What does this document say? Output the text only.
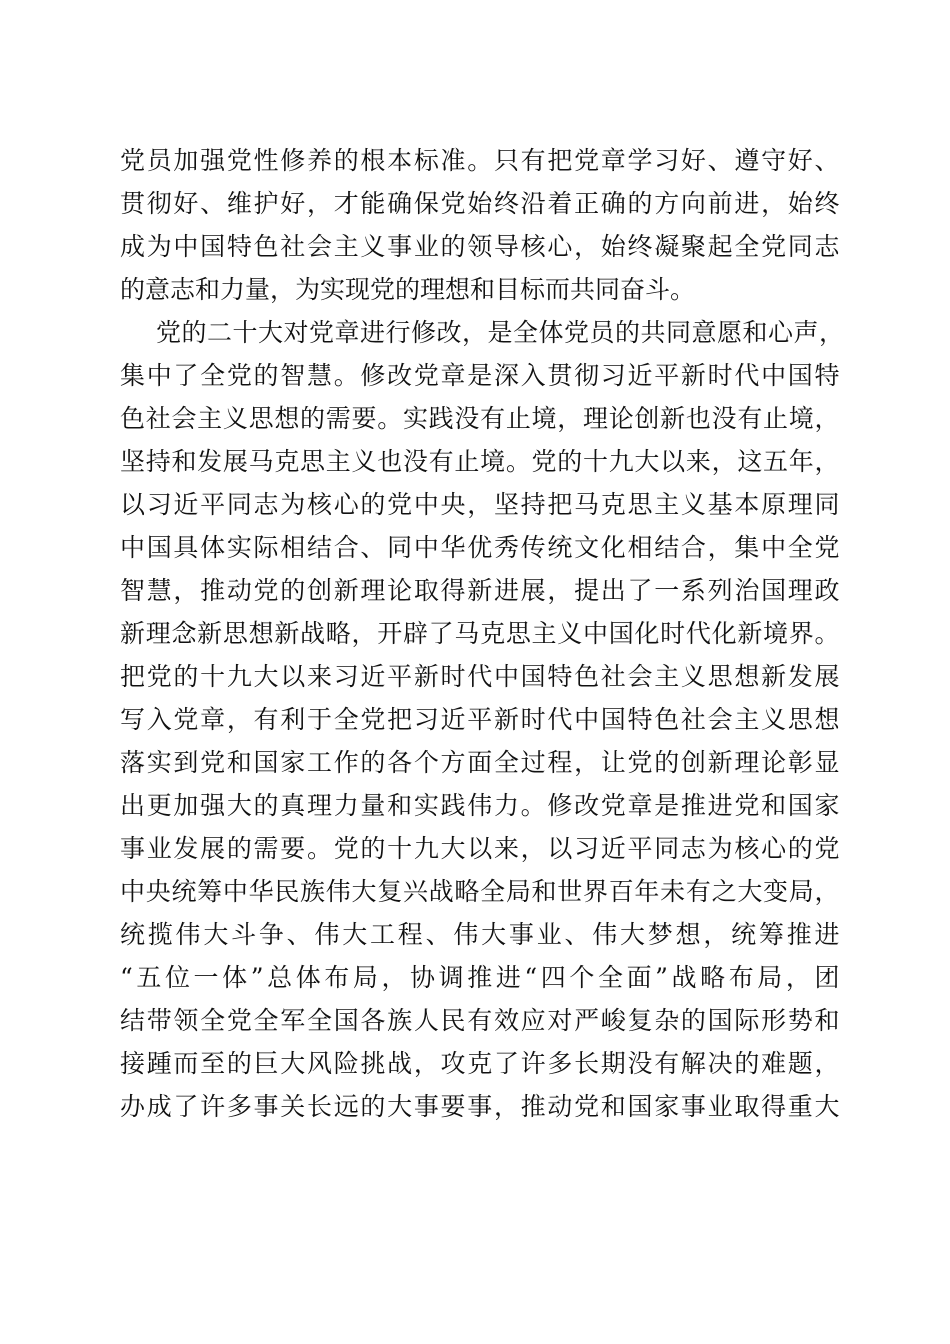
党员加强党性修养的根本标准。只有把党章学习好、遵守好、
贯彻好、维护好，才能确保党始终沿着正确的方向前进，始终
成为中国特色社会主义事业的领导核心，始终凝聚起全党同志
的意志和力量，为实现党的理想和目标而共同奋斗。
党的二十大对党章进行修改，是全体党员的共同意愿和心声，
集中了全党的智慧。修改党章是深入贯彻习近平新时代中国特
色社会主义思想的需要。实践没有止境，理论创新也没有止境，
坚持和发展马克思主义也没有止境。党的十九大以来，这五年，
以习近平同志为核心的党中央，坚持把马克思主义基本原理同
中国具体实际相结合、同中华优秀传统文化相结合，集中全党
智慧，推动党的创新理论取得新进展，提出了一系列治国理政
新理念新思想新战略，开辟了马克思主义中国化时代化新境界。
把党的十九大以来习近平新时代中国特色社会主义思想新发展
写入党章，有利于全党把习近平新时代中国特色社会主义思想
落实到党和国家工作的各个方面全过程，让党的创新理论彰显
出更加强大的真理力量和实践伟力。修改党章是推进党和国家
事业发展的需要。党的十九大以来，以习近平同志为核心的党
中央统筹中华民族伟大复兴战略全局和世界百年未有之大变局，
统揽伟大斗争、伟大工程、伟大事业、伟大梦想，统筹推进
“五位一体”总体布局，协调推进“四个全面”战略布局，团
结带领全党全军全国各族人民有效应对严峻复杂的国际形势和
接踵而至的巨大风险挑战，攻克了许多长期没有解决的难题，
办成了许多事关长远的大事要事，推动党和国家事业取得重大
